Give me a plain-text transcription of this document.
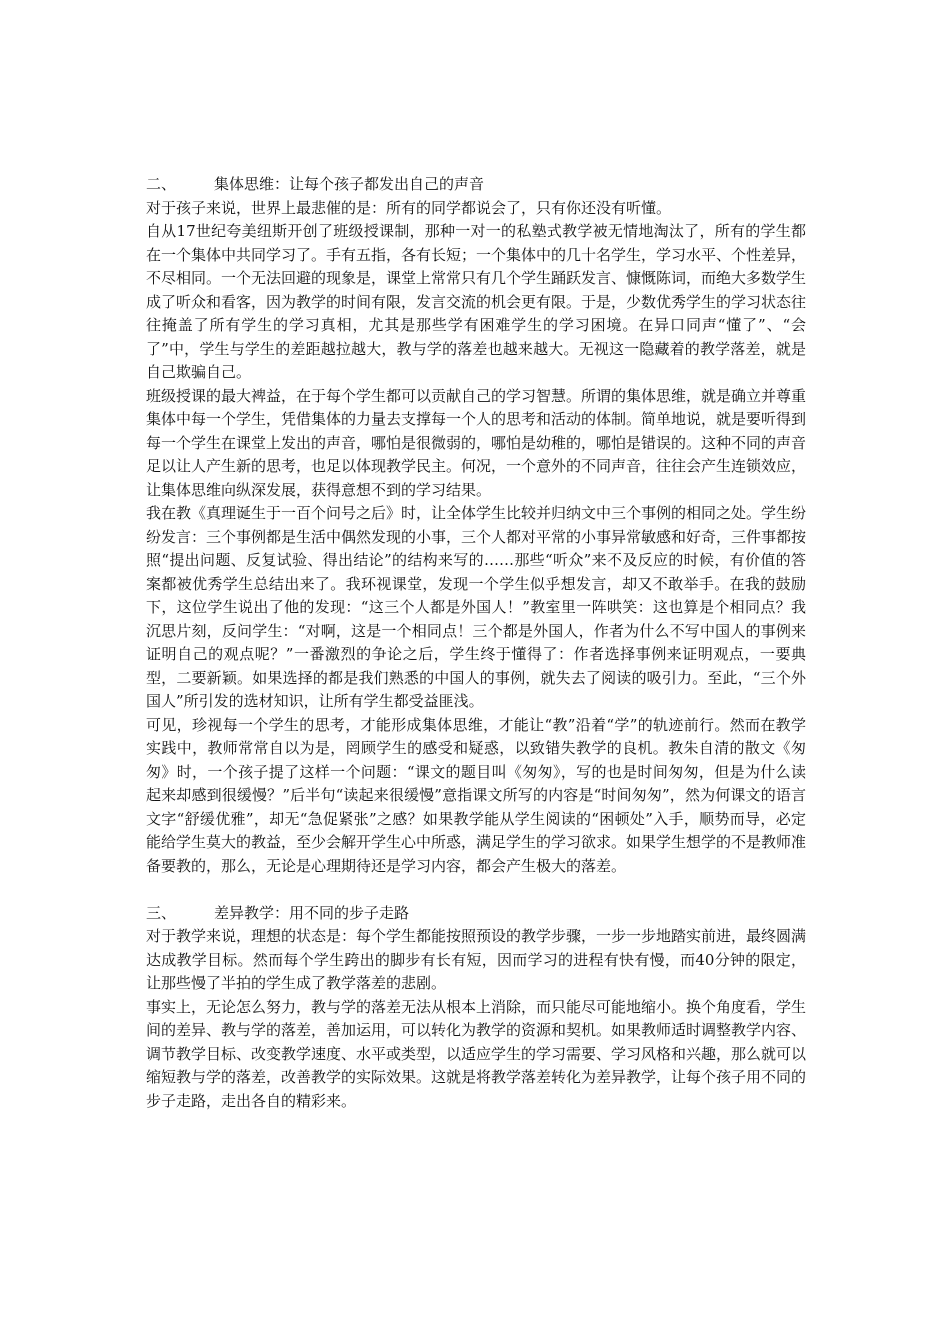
二、	集体思维：让每个孩子都发出自己的声音

对于孩子来说，世界上最悲催的是：所有的同学都说会了，只有你还没有听懂。

自从17世纪夸美纽斯开创了班级授课制，那种一对一的私塾式教学被无情地淘汰了，所有的学生都在一个集体中共同学习了。手有五指，各有长短；一个集体中的几十名学生，学习水平、个性差异，不尽相同。一个无法回避的现象是，课堂上常常只有几个学生踊跃发言、慷慨陈词，而绝大多数学生成了听众和看客，因为教学的时间有限，发言交流的机会更有限。于是，少数优秀学生的学习状态往往掩盖了所有学生的学习真相，尤其是那些学有困难学生的学习困境。在异口同声“懂了”、“会了”中，学生与学生的差距越拉越大，教与学的落差也越来越大。无视这一隐藏着的教学落差，就是自己欺骗自己。

班级授课的最大裨益，在于每个学生都可以贡献自己的学习智慧。所谓的集体思维，就是确立并尊重集体中每一个学生，凭借集体的力量去支撑每一个人的思考和活动的体制。简单地说，就是要听得到每一个学生在课堂上发出的声音，哪怕是很微弱的，哪怕是幼稚的，哪怕是错误的。这种不同的声音足以让人产生新的思考，也足以体现教学民主。何况，一个意外的不同声音，往往会产生连锁效应，让集体思维向纵深发展，获得意想不到的学习结果。

我在教《真理诞生于一百个问号之后》时，让全体学生比较并归纳文中三个事例的相同之处。学生纷纷发言：三个事例都是生活中偶然发现的小事，三个人都对平常的小事异常敏感和好奇，三件事都按照“提出问题、反复试验、得出结论”的结构来写的……那些“听众”来不及反应的时候，有价值的答案都被优秀学生总结出来了。我环视课堂，发现一个学生似乎想发言，却又不敢举手。在我的鼓励下，这位学生说出了他的发现：“这三个人都是外国人！”教室里一阵哄笑：这也算是个相同点？我沉思片刻，反问学生：“对啊，这是一个相同点！三个都是外国人，作者为什么不写中国人的事例来证明自己的观点呢？”一番激烈的争论之后，学生终于懂得了：作者选择事例来证明观点，一要典型，二要新颖。如果选择的都是我们熟悉的中国人的事例，就失去了阅读的吸引力。至此，“三个外国人”所引发的选材知识，让所有学生都受益匪浅。

可见，珍视每一个学生的思考，才能形成集体思维，才能让“教”沿着“学”的轨迹前行。然而在教学实践中，教师常常自以为是，罔顾学生的感受和疑惑，以致错失教学的良机。教朱自清的散文《匆匆》时，一个孩子提了这样一个问题：“课文的题目叫《匆匆》，写的也是时间匆匆，但是为什么读起来却感到很缓慢？”后半句“读起来很缓慢”意指课文所写的内容是“时间匆匆”，然为何课文的语言文字“舒缓优雅”，却无“急促紧张”之感？如果教学能从学生阅读的“困顿处”入手，顺势而导，必定能给学生莫大的教益，至少会解开学生心中所惑，满足学生的学习欲求。如果学生想学的不是教师准备要教的，那么，无论是心理期待还是学习内容，都会产生极大的落差。

三、	差异教学：用不同的步子走路

对于教学来说，理想的状态是：每个学生都能按照预设的教学步骤，一步一步地踏实前进，最终圆满达成教学目标。然而每个学生跨出的脚步有长有短，因而学习的进程有快有慢，而40分钟的限定，让那些慢了半拍的学生成了教学落差的悲剧。

事实上，无论怎么努力，教与学的落差无法从根本上消除，而只能尽可能地缩小。换个角度看，学生间的差异、教与学的落差，善加运用，可以转化为教学的资源和契机。如果教师适时调整教学内容、调节教学目标、改变教学速度、水平或类型，以适应学生的学习需要、学习风格和兴趣，那么就可以缩短教与学的落差，改善教学的实际效果。这就是将教学落差转化为差异教学，让每个孩子用不同的步子走路，走出各自的精彩来。
